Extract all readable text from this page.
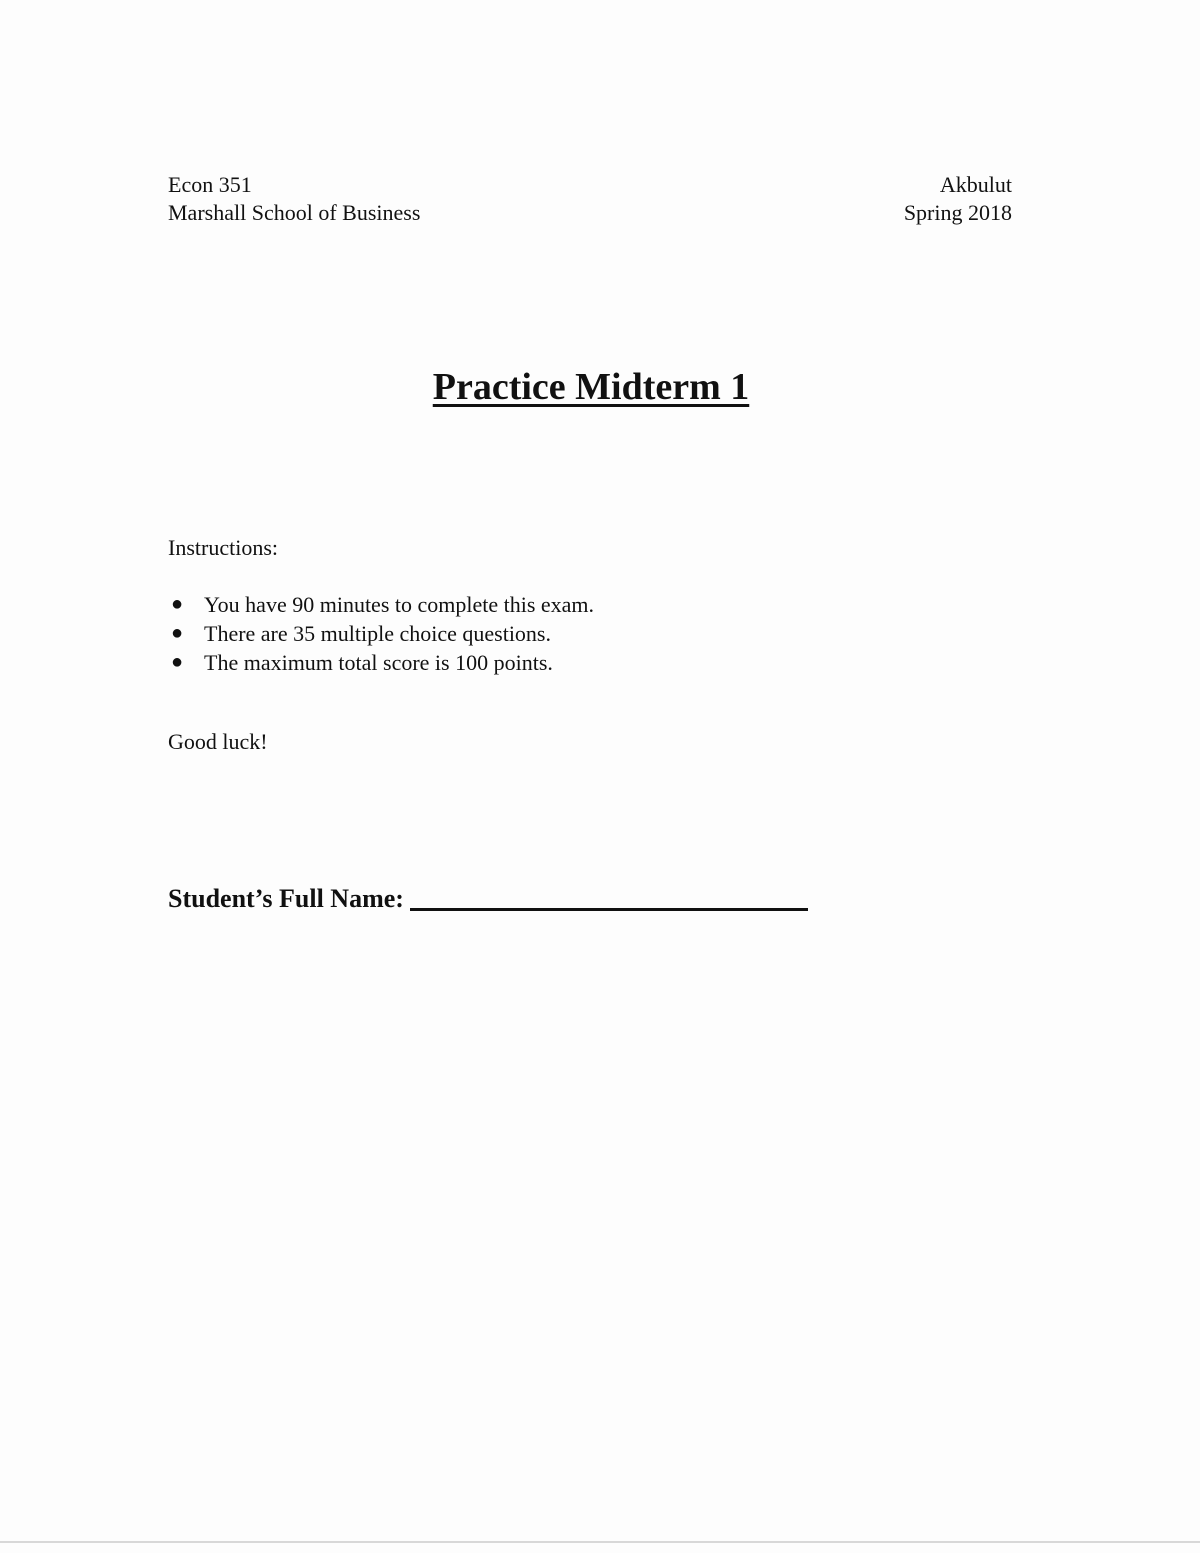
Econ 351
Marshall School of Business
Akbulut
Spring 2018
Practice Midterm 1
Instructions:
● You have 90 minutes to complete this exam.
● There are 35 multiple choice questions.
● The maximum total score is 100 points.
Good luck!
Student’s Full Name:
